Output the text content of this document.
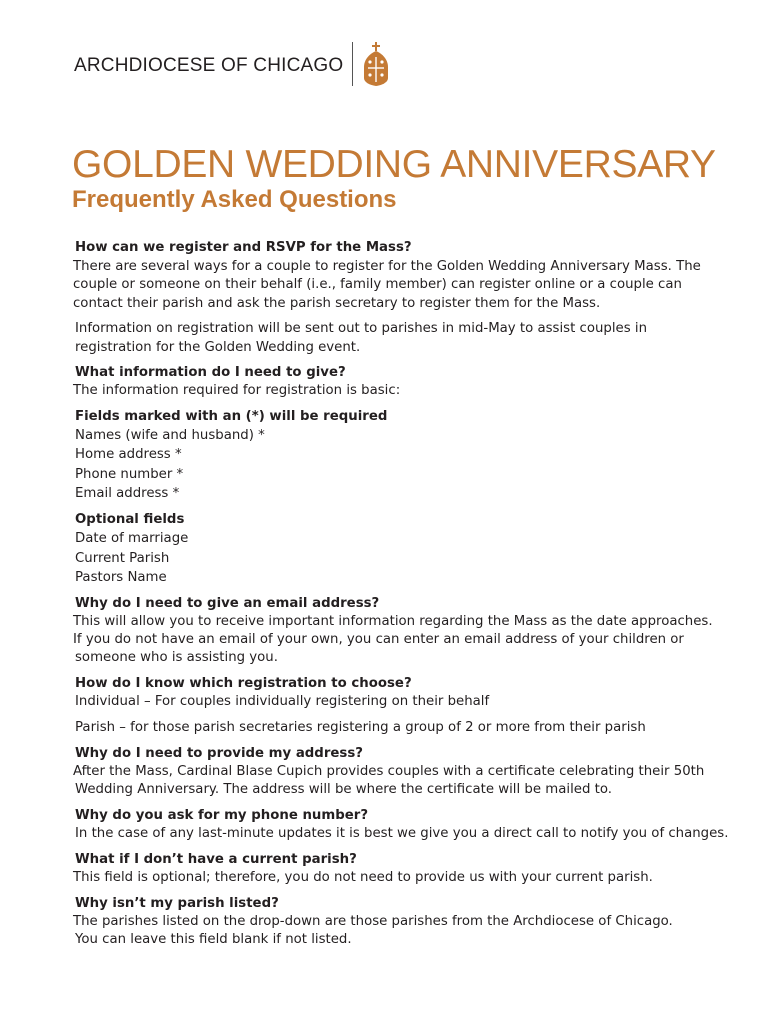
ARCHDIOCESE OF CHICAGO
GOLDEN WEDDING ANNIVERSARY
Frequently Asked Questions
How can we register and RSVP for the Mass?
There are several ways for a couple to register for the Golden Wedding Anniversary Mass. The
couple or someone on their behalf (i.e., family member) can register online or a couple can
contact their parish and ask the parish secretary to register them for the Mass.
Information on registration will be sent out to parishes in mid-May to assist couples in
registration for the Golden Wedding event.
What information do I need to give?
The information required for registration is basic:
Fields marked with an (*) will be required
Names (wife and husband) *
Home address *
Phone number *
Email address *
Optional fields
Date of marriage
Current Parish
Pastors Name
Why do I need to give an email address?
This will allow you to receive important information regarding the Mass as the date approaches.
If you do not have an email of your own, you can enter an email address of your children or
someone who is assisting you.
How do I know which registration to choose?
Individual – For couples individually registering on their behalf
Parish – for those parish secretaries registering a group of 2 or more from their parish
Why do I need to provide my address?
After the Mass, Cardinal Blase Cupich provides couples with a certificate celebrating their 50th
Wedding Anniversary. The address will be where the certificate will be mailed to.
Why do you ask for my phone number?
In the case of any last-minute updates it is best we give you a direct call to notify you of changes.
What if I don’t have a current parish?
This field is optional; therefore, you do not need to provide us with your current parish.
Why isn’t my parish listed?
The parishes listed on the drop-down are those parishes from the Archdiocese of Chicago.
You can leave this field blank if not listed.
